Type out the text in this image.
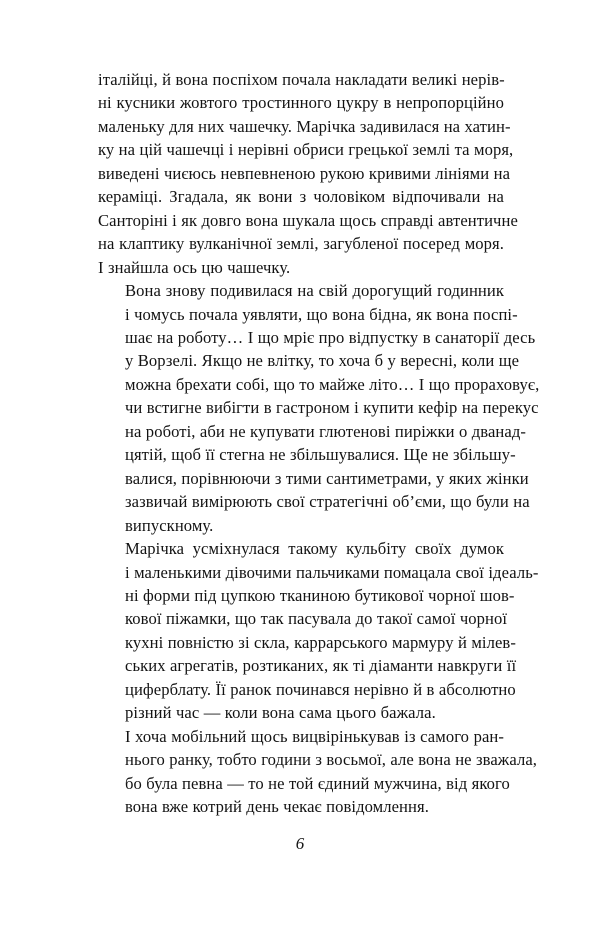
італійці, й вона поспіхом почала накладати великі нерів-
ні кусники жовтого тростинного цукру в непропорційно
маленьку для них чашечку. Марічка задивилася на хатин-
ку на цій чашечці і нерівні обриси грецької землі та моря,
виведені чиєюсь невпевненою рукою кривими лініями на
кераміці. Згадала, як вони з чоловіком відпочивали на
Санторіні і як довго вона шукала щось справді автентичне
на клаптику вулканічної землі, загубленої посеред моря.
І знайшла ось цю чашечку.

Вона знову подивилася на свій дорогущий годинник
і чомусь почала уявляти, що вона бідна, як вона поспі-
шає на роботу… І що мріє про відпустку в санаторії десь
у Ворзелі. Якщо не влітку, то хоча б у вересні, коли ще
можна брехати собі, що то майже літо… І що прораховує,
чи встигне вибігти в гастроном і купити кефір на перекус
на роботі, аби не купувати глютенові пиріжки о дванад-
цятій, щоб її стегна не збільшувалися. Ще не збільшу-
валися, порівнюючи з тими сантиметрами, у яких жінки
зазвичай вимірюють свої стратегічні об’єми, що були на
випускному.

Марічка усміхнулася такому кульбіту своїх думок
і маленькими дівочими пальчиками помацала свої ідеаль-
ні форми під цупкою тканиною бутикової чорної шов-
кової піжамки, що так пасувала до такої самої чорної
кухні повністю зі скла, каррарського мармуру й мілев-
ських агрегатів, розтиканих, як ті діаманти навкруги її
циферблату. Її ранок починався нерівно й в абсолютно
різний час — коли вона сама цього бажала.

І хоча мобільний щось вицвірінькував із самого ран-
нього ранку, тобто години з восьмої, але вона не зважала,
бо була певна — то не той єдиний мужчина, від якого
вона вже котрий день чекає повідомлення.

6
